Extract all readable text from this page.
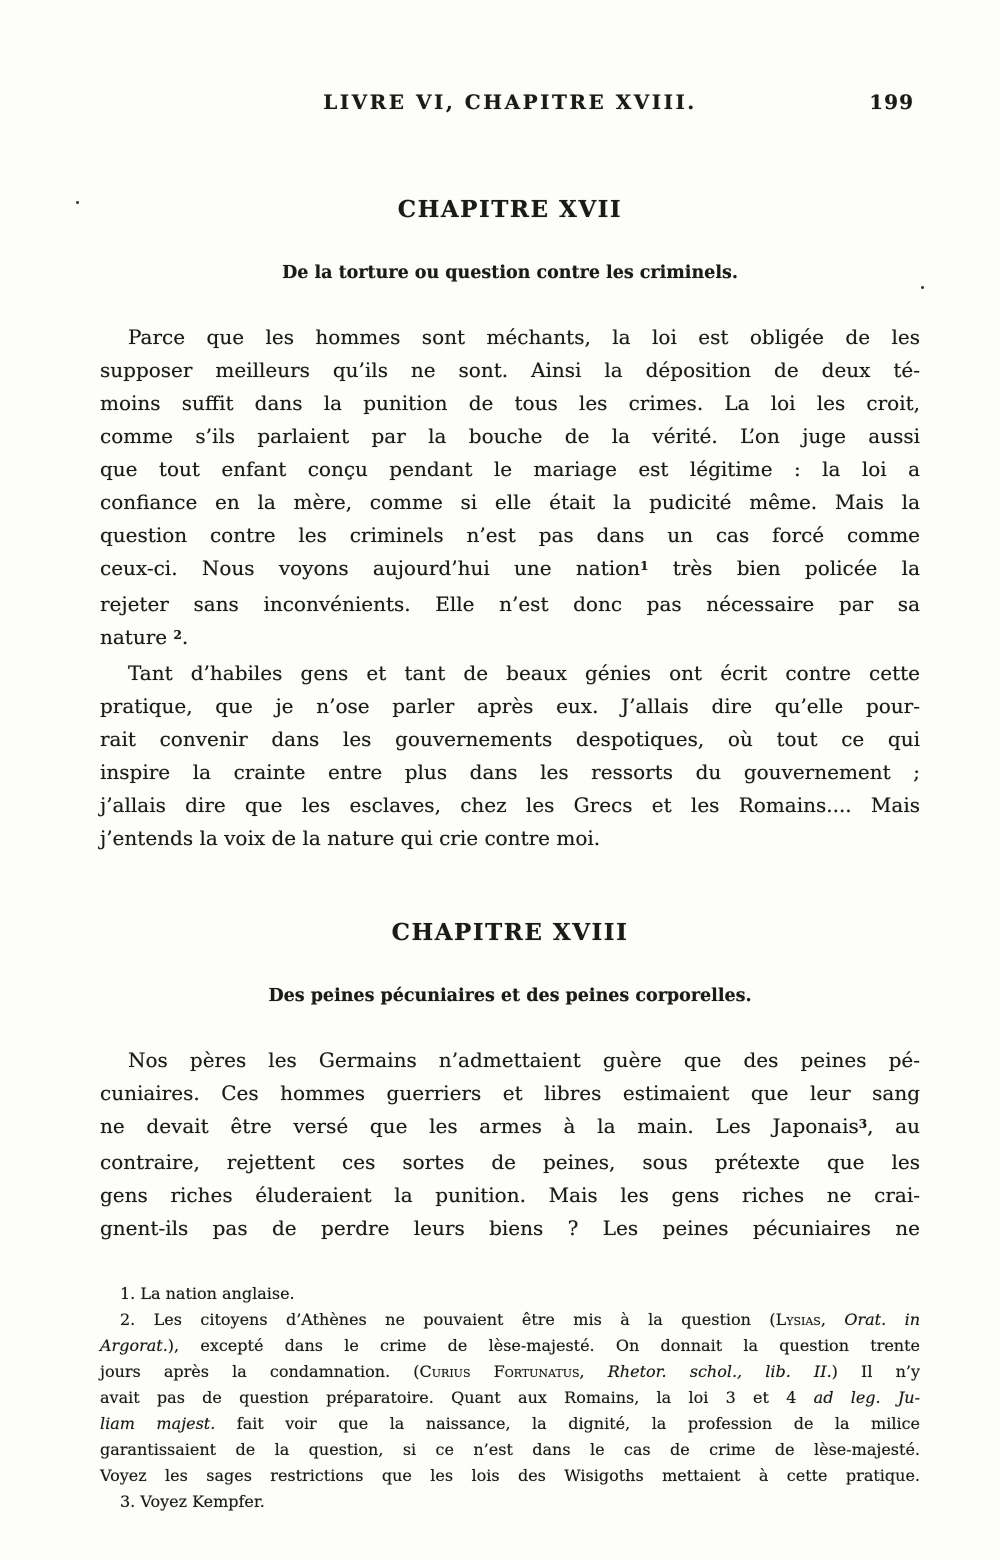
LIVRE VI, CHAPITRE XVIII.	199
CHAPITRE XVII
De la torture ou question contre les criminels.
Parce que les hommes sont méchants, la loi est obligée de les
supposer meilleurs qu’ils ne sont. Ainsi la déposition de deux té-
moins suffit dans la punition de tous les crimes. La loi les croit,
comme s’ils parlaient par la bouche de la vérité. L’on juge aussi
que tout enfant conçu pendant le mariage est légitime : la loi a
confiance en la mère, comme si elle était la pudicité même. Mais la
question contre les criminels n’est pas dans un cas forcé comme
ceux-ci. Nous voyons aujourd’hui une nation$^1$ très bien policée la
rejeter sans inconvénients. Elle n’est donc pas nécessaire par sa
nature $^2$.
Tant d’habiles gens et tant de beaux génies ont écrit contre cette
pratique, que je n’ose parler après eux. J’allais dire qu’elle pour-
rait convenir dans les gouvernements despotiques, où tout ce qui
inspire la crainte entre plus dans les ressorts du gouvernement ;
j’allais dire que les esclaves, chez les Grecs et les Romains.... Mais
j’entends la voix de la nature qui crie contre moi.
CHAPITRE XVIII
Des peines pécuniaires et des peines corporelles.
Nos pères les Germains n’admettaient guère que des peines pé-
cuniaires. Ces hommes guerriers et libres estimaient que leur sang
ne devait être versé que les armes à la main. Les Japonais$^3$, au
contraire, rejettent ces sortes de peines, sous prétexte que les
gens riches éluderaient la punition. Mais les gens riches ne crai-
gnent-ils pas de perdre leurs biens ? Les peines pécuniaires ne
1. La nation anglaise.
2. Les citoyens d’Athènes ne pouvaient être mis à la question (Lysias, Orat. in
Argorat.), excepté dans le crime de lèse-majesté. On donnait la question trente
jours après la condamnation. (Curius Fortunatus, Rhetor. schol., lib. II.) Il n’y
avait pas de question préparatoire. Quant aux Romains, la loi 3 et 4 ad leg. Ju-
liam majest. fait voir que la naissance, la dignité, la profession de la milice
garantissaient de la question, si ce n’est dans le cas de crime de lèse-majesté.
Voyez les sages restrictions que les lois des Wisigoths mettaient à cette pratique.
3. Voyez Kempfer.
